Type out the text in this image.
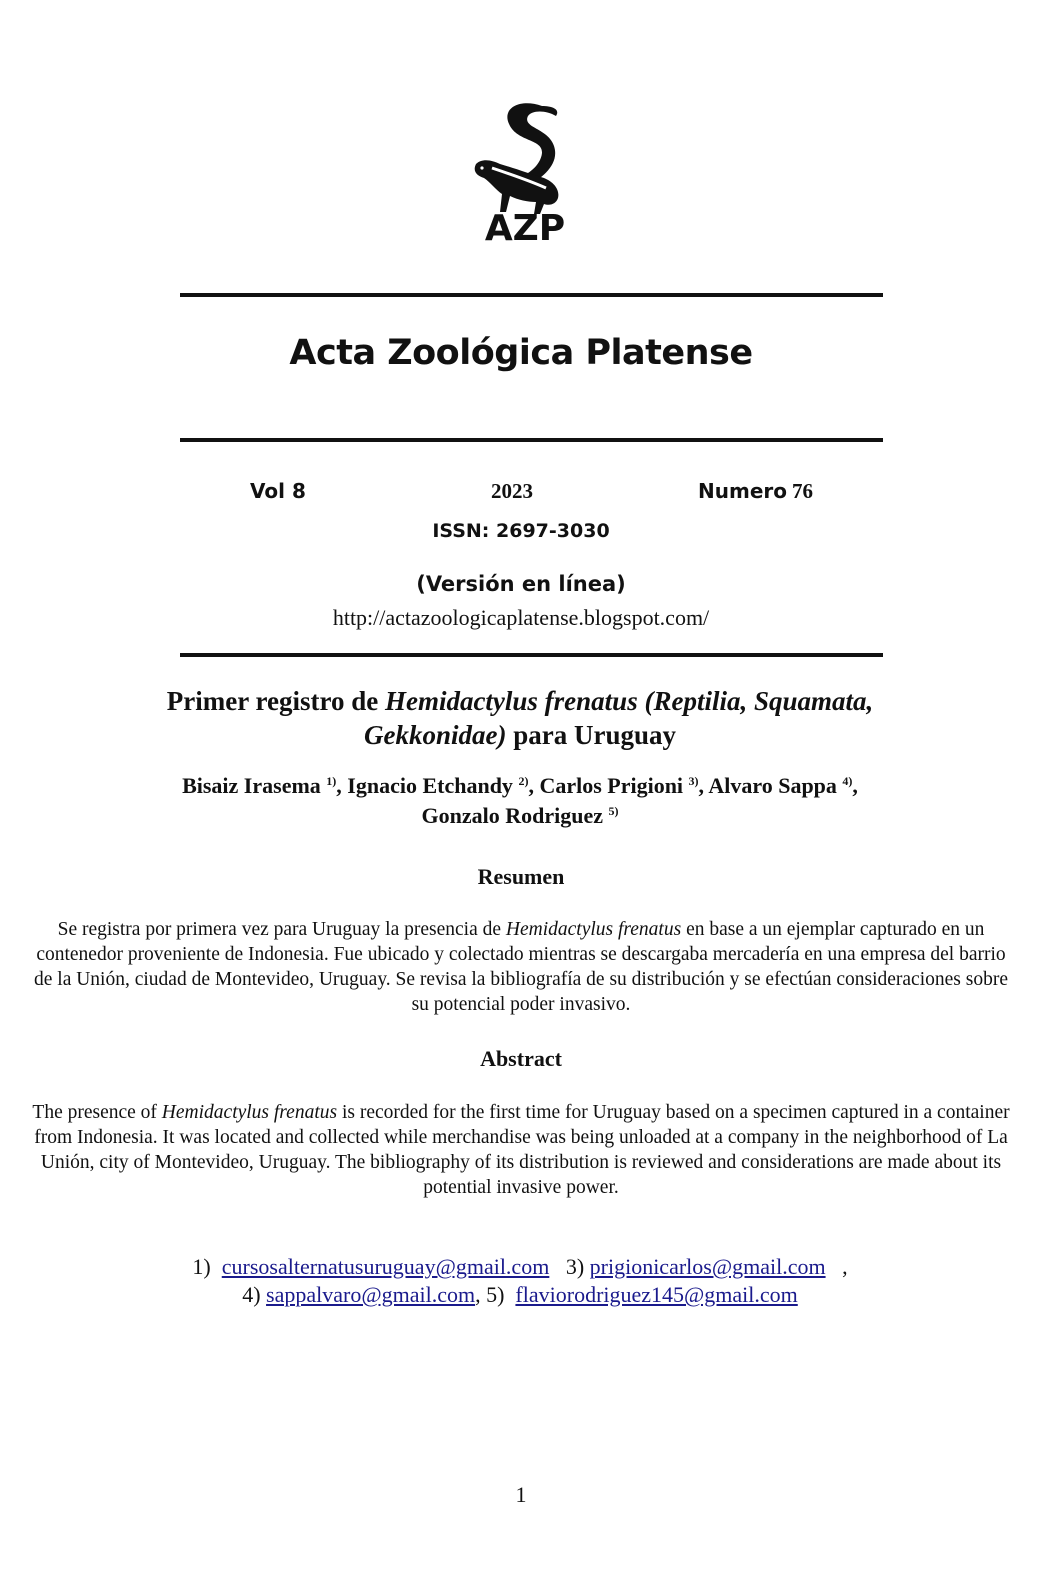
AZP
Acta Zoológica Platense
Vol 8	2023	Numero 76
ISSN: 2697-3030
(Versión en línea)
http://actazoologicaplatense.blogspot.com/
Primer registro de Hemidactylus frenatus (Reptilia, Squamata, Gekkonidae) para Uruguay
Bisaiz Irasema $^{1)}$, Ignacio Etchandy $^{2)}$, Carlos Prigioni $^{3)}$, Alvaro Sappa $^{4)}$,
Gonzalo Rodriguez $^{5)}$
Resumen
Se registra por primera vez para Uruguay la presencia de Hemidactylus frenatus en base a un ejemplar capturado en un contenedor proveniente de Indonesia. Fue ubicado y colectado mientras se descargaba mercadería en una empresa del barrio de la Unión, ciudad de Montevideo, Uruguay. Se revisa la bibliografía de su distribución y se efectúan consideraciones sobre su potencial poder invasivo.
Abstract
The presence of Hemidactylus frenatus is recorded for the first time for Uruguay based on a specimen captured in a container from Indonesia. It was located and collected while merchandise was being unloaded at a company in the neighborhood of La Unión, city of Montevideo, Uruguay. The bibliography of its distribution is reviewed and considerations are made about its potential invasive power.
1) cursosalternatusuruguay@gmail.com 3) prigionicarlos@gmail.com   ,
4) sappalvaro@gmail.com, 5) flaviorodriguez145@gmail.com
1
